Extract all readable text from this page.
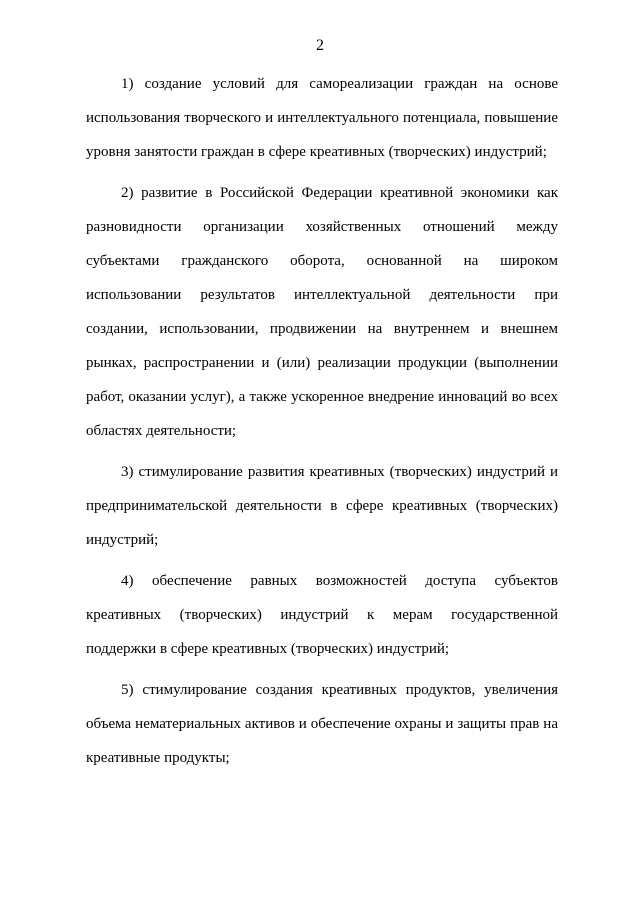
2

1) создание условий для самореализации граждан на основе использования творческого и интеллектуального потенциала, повышение уровня занятости граждан в сфере креативных (творческих) индустрий;

2) развитие в Российской Федерации креативной экономики как разновидности организации хозяйственных отношений между субъектами гражданского оборота, основанной на широком использовании результатов интеллектуальной деятельности при создании, использовании, продвижении на внутреннем и внешнем рынках, распространении и (или) реализации продукции (выполнении работ, оказании услуг), а также ускоренное внедрение инноваций во всех областях деятельности;

3) стимулирование развития креативных (творческих) индустрий и предпринимательской деятельности в сфере креативных (творческих) индустрий;

4) обеспечение равных возможностей доступа субъектов креативных (творческих) индустрий к мерам государственной поддержки в сфере креативных (творческих) индустрий;

5) стимулирование создания креативных продуктов, увеличения объема нематериальных активов и обеспечение охраны и защиты прав на креативные продукты;
